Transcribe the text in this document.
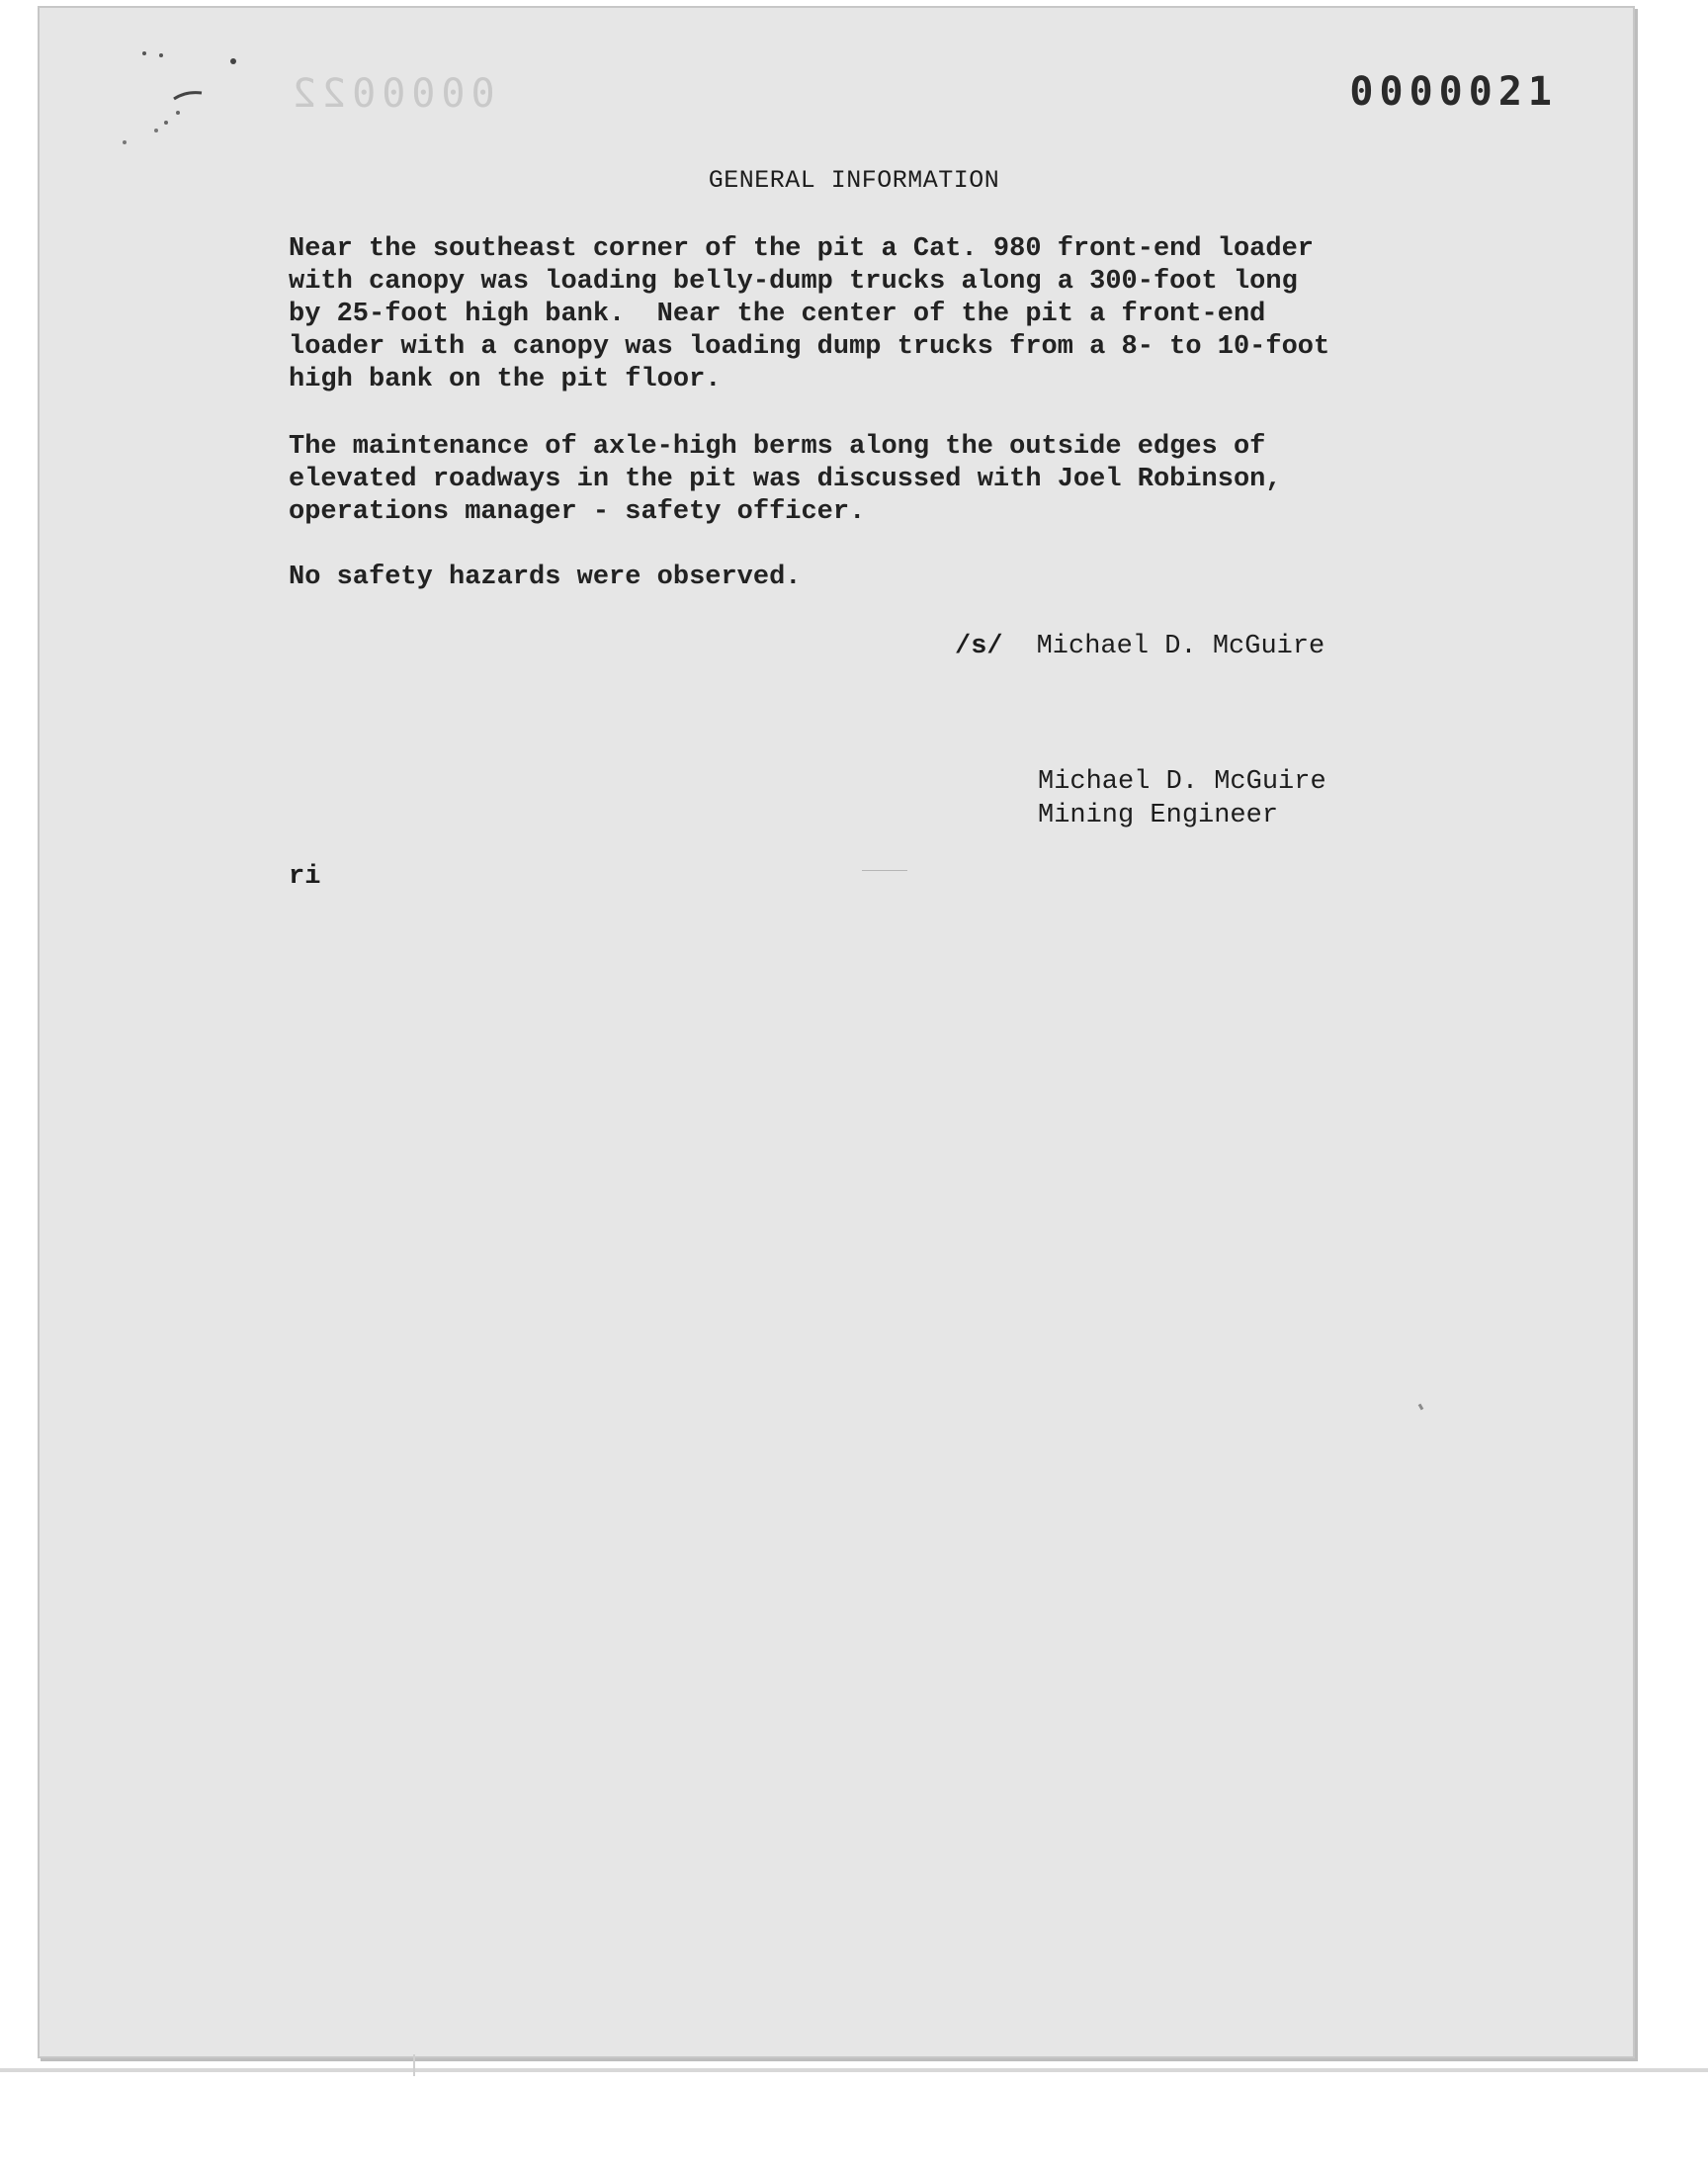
0000022	0000021
GENERAL INFORMATION
Near the southeast corner of the pit a Cat. 980 front-end loader
with canopy was loading belly-dump trucks along a 300-foot long
by 25-foot high bank.  Near the center of the pit a front-end
loader with a canopy was loading dump trucks from a 8- to 10-foot
high bank on the pit floor.
The maintenance of axle-high berms along the outside edges of
elevated roadways in the pit was discussed with Joel Robinson,
operations manager - safety officer.
No safety hazards were observed.
/s/ Michael D. McGuire
Michael D. McGuire
Mining Engineer
ri
